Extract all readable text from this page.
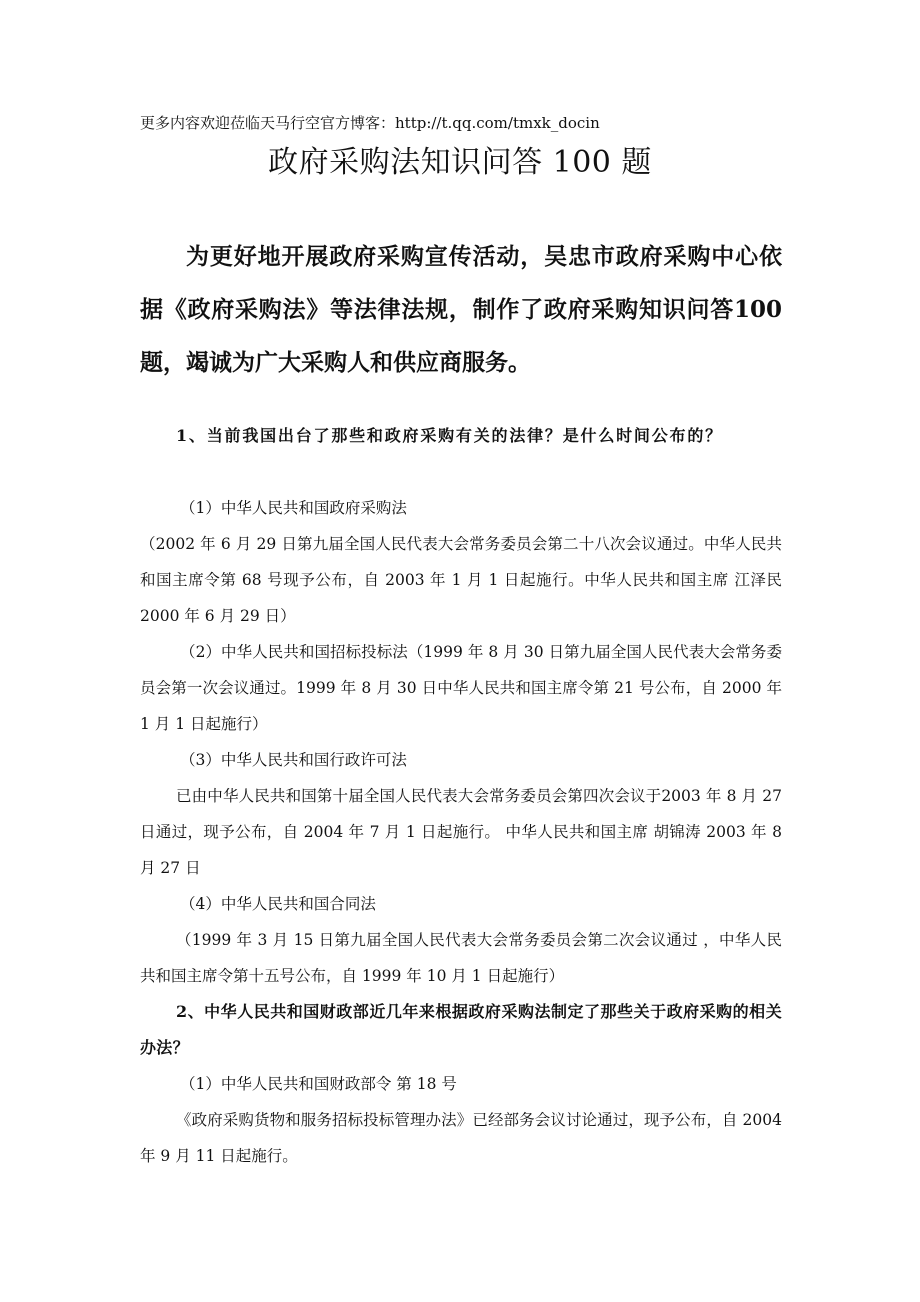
更多内容欢迎莅临天马行空官方博客：http://t.qq.com/tmxk_docin
政府采购法知识问答 100 题
为更好地开展政府采购宣传活动，吴忠市政府采购中心依据《政府采购法》等法律法规，制作了政府采购知识问答100 题，竭诚为广大采购人和供应商服务。
1、当前我国出台了那些和政府采购有关的法律？是什么时间公布的？
（1）中华人民共和国政府采购法
（2002 年 6 月 29 日第九届全国人民代表大会常务委员会第二十八次会议通过。中华人民共和国主席令第 68 号现予公布，自 2003 年 1 月 1 日起施行。中华人民共和国主席 江泽民 2000 年 6 月 29 日）
（2）中华人民共和国招标投标法（1999 年 8 月 30 日第九届全国人民代表大会常务委员会第一次会议通过。1999 年 8 月 30 日中华人民共和国主席令第 21 号公布，自 2000 年 1 月 1 日起施行）
（3）中华人民共和国行政许可法
已由中华人民共和国第十届全国人民代表大会常务委员会第四次会议于2003 年 8 月 27 日通过，现予公布，自 2004 年 7 月 1 日起施行。 中华人民共和国主席 胡锦涛 2003 年 8 月 27 日
（4）中华人民共和国合同法
（1999 年 3 月 15 日第九届全国人民代表大会常务委员会第二次会议通过 ，中华人民共和国主席令第十五号公布，自 1999 年 10 月 1 日起施行）
2、中华人民共和国财政部近几年来根据政府采购法制定了那些关于政府采购的相关办法？
（1）中华人民共和国财政部令 第 18 号
《政府采购货物和服务招标投标管理办法》已经部务会议讨论通过，现予公布，自 2004 年 9 月 11 日起施行。
